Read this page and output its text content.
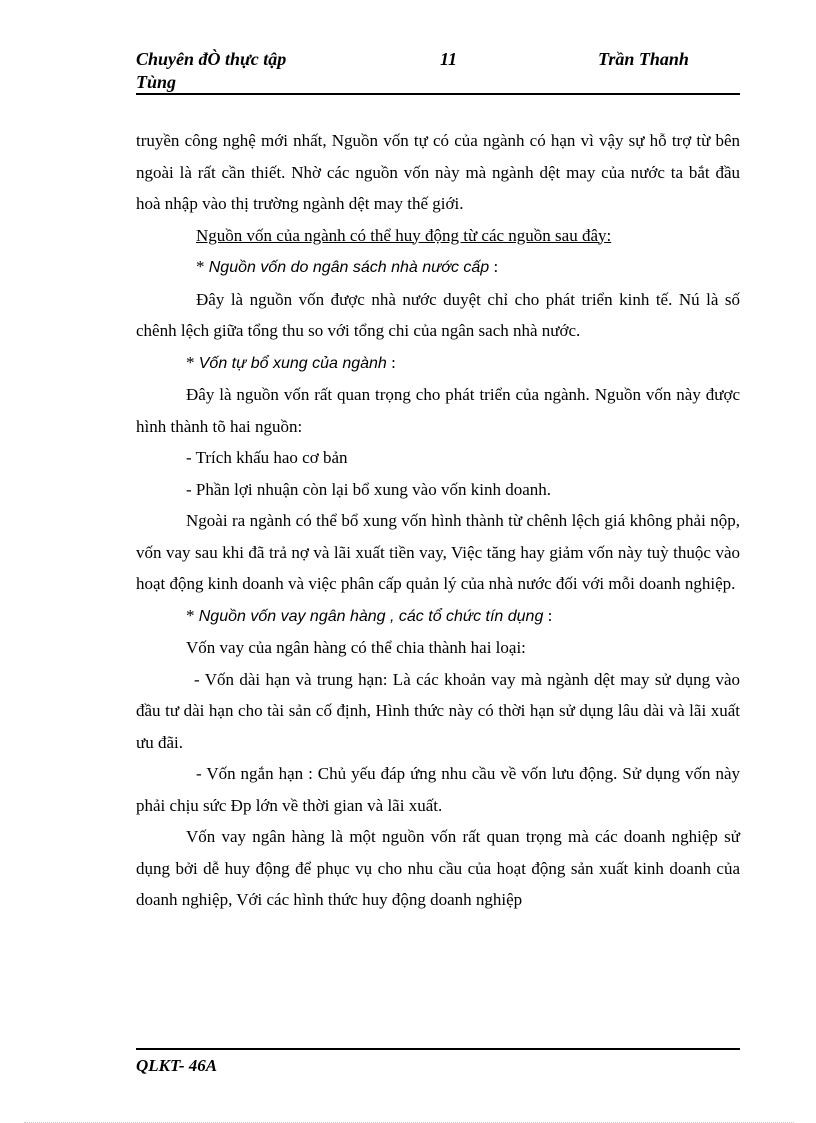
Chuyên đÒ thực tập	11	Trần Thanh
Tùng

truyền công nghệ mới nhất, Nguồn vốn tự có của ngành có hạn vì vậy sự hỗ trợ từ bên ngoài là rất cần thiết. Nhờ các nguồn vốn này mà ngành dệt may của nước ta bắt đầu hoà nhập vào thị trường ngành dệt may thế giới.

Nguồn vốn của ngành có thể huy động từ các nguồn sau đây:

* Nguồn vốn do ngân sách nhà nước cấp :

Đây là nguồn vốn được nhà nước duyệt chỉ cho phát triển kinh tế. Nú là số chênh lệch giữa tổng thu so với tổng chi của ngân sach nhà nước.

* Vốn tự bổ xung của ngành :

Đây là nguồn vốn rất quan trọng cho phát triển của ngành. Nguồn vốn này được hình thành tõ hai nguồn:

- Trích khấu hao cơ bản

- Phần lợi nhuận còn lại bổ xung vào vốn kinh doanh.

Ngoài ra ngành có thể bổ xung vốn hình thành từ chênh lệch giá không phải nộp, vốn vay sau khi đã trả nợ và lãi xuất tiền vay, Việc tăng hay giảm vốn này tuỳ thuộc vào hoạt động kinh doanh và việc phân cấp quản lý của nhà nước đối với mỗi doanh nghiệp.

* Nguồn vốn vay ngân hàng , các tổ chức tín dụng :

Vốn vay của ngân hàng có thể chia thành hai loại:

- Vốn dài hạn và trung hạn: Là các khoản vay mà ngành dệt may sử dụng vào đầu tư dài hạn cho tài sản cố định, Hình thức này có thời hạn sử dụng lâu dài và lãi xuất ưu đãi.

- Vốn ngắn hạn : Chủ yếu đáp ứng nhu cầu về vốn lưu động. Sử dụng vốn này phải chịu sức Đp lớn về thời gian và lãi xuất.

Vốn vay ngân hàng là một nguồn vốn rất quan trọng mà các doanh nghiệp sử dụng bởi dễ huy động để phục vụ cho nhu cầu của hoạt động sản xuất kinh doanh của doanh nghiệp, Với các hình thức huy động doanh nghiệp

QLKT- 46A
